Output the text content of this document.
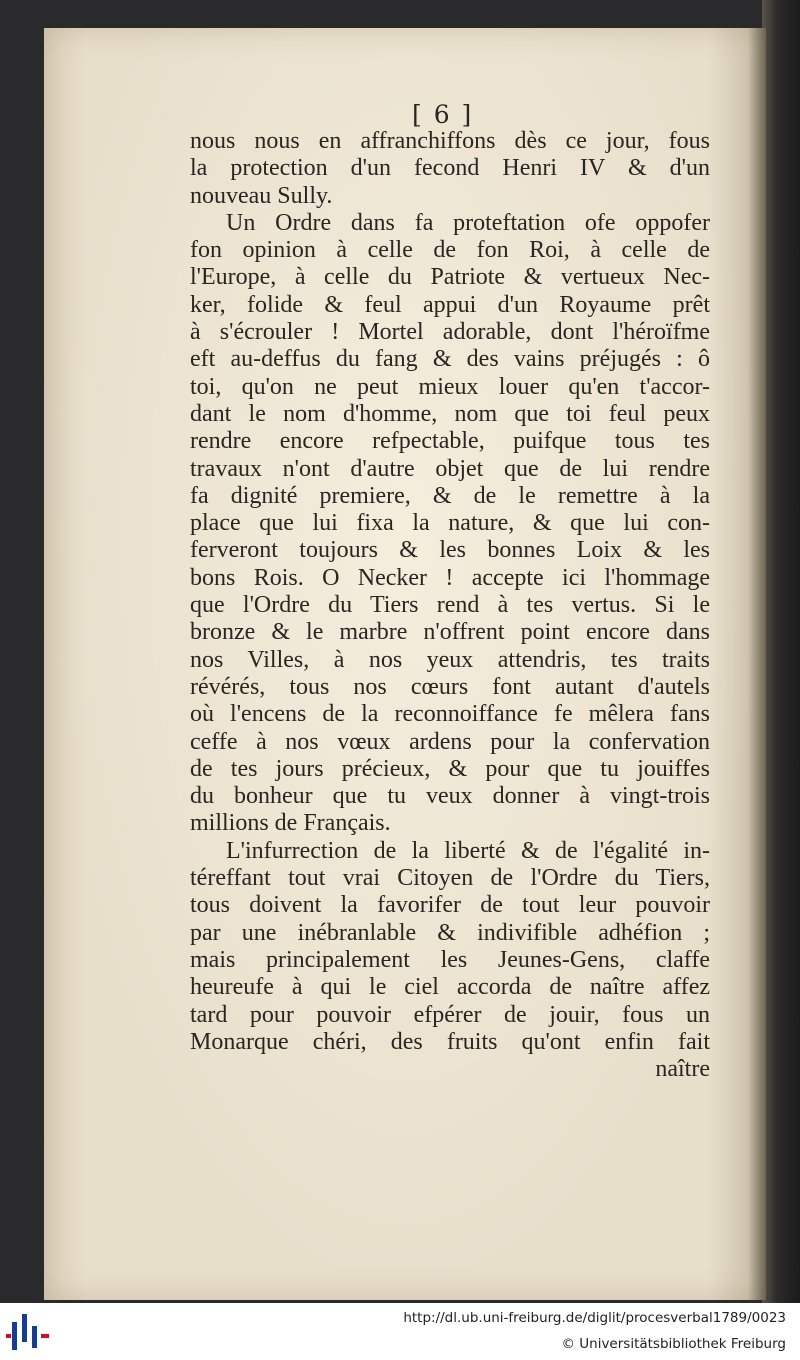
[ 6 ]
nous nous en affranchiffons dès ce jour, fous
la protection d'un fecond Henri IV & d'un
nouveau Sully.
Un Ordre dans fa proteftation ofe oppofer
fon opinion à celle de fon Roi, à celle de
l'Europe, à celle du Patriote & vertueux Nec-
ker, folide & feul appui d'un Royaume prêt
à s'écrouler ! Mortel adorable, dont l'héroïfme
eft au-deffus du fang & des vains préjugés : ô
toi, qu'on ne peut mieux louer qu'en t'accor-
dant le nom d'homme, nom que toi feul peux
rendre encore refpectable, puifque tous tes
travaux n'ont d'autre objet que de lui rendre
fa dignité premiere, & de le remettre à la
place que lui fixa la nature, & que lui con-
ferveront toujours & les bonnes Loix & les
bons Rois. O Necker ! accepte ici l'hommage
que l'Ordre du Tiers rend à tes vertus. Si le
bronze & le marbre n'offrent point encore dans
nos Villes, à nos yeux attendris, tes traits
révérés, tous nos cœurs font autant d'autels
où l'encens de la reconnoiffance fe mêlera fans
ceffe à nos vœux ardens pour la confervation
de tes jours précieux, & pour que tu jouiffes
du bonheur que tu veux donner à vingt-trois
millions de Français.
L'infurrection de la liberté & de l'égalité in-
téreffant tout vrai Citoyen de l'Ordre du Tiers,
tous doivent la favorifer de tout leur pouvoir
par une inébranlable & indivifible adhéfion ;
mais principalement les Jeunes-Gens, claffe
heureufe à qui le ciel accorda de naître affez
tard pour pouvoir efpérer de jouir, fous un
Monarque chéri, des fruits qu'ont enfin fait
naître
http://dl.ub.uni-freiburg.de/diglit/procesverbal1789/0023
© Universitätsbibliothek Freiburg
